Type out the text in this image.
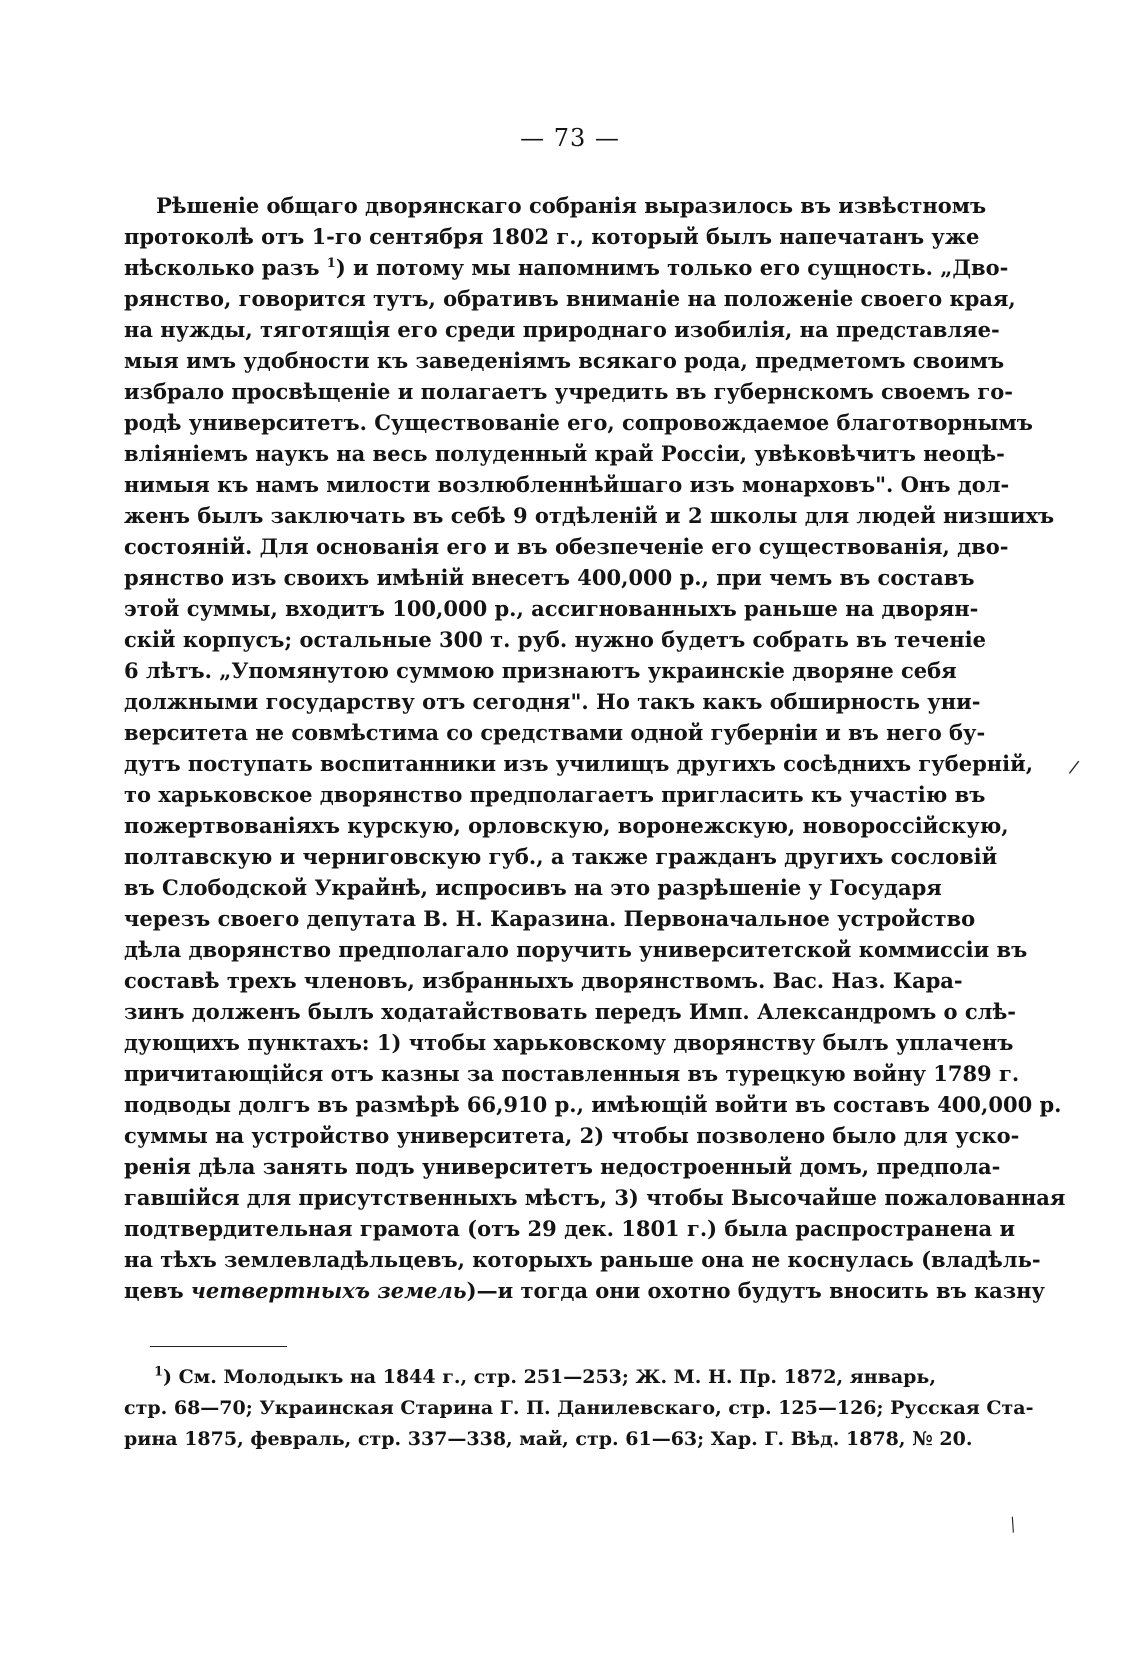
— 73 —
Рѣшеніе общаго дворянскаго собранія выразилось въ извѣстномъ
протоколѣ отъ 1-го сентября 1802 г., который былъ напечатанъ уже
нѣсколько разъ $^1$) и потому мы напомнимъ только его сущность. „Дво-
рянство, говорится тутъ, обративъ вниманіе на положеніе своего края,
на нужды, тяготящія его среди природнаго изобилія, на представляе-
мыя имъ удобности къ заведеніямъ всякаго рода, предметомъ своимъ
избрало просвѣщеніе и полагаетъ учредить въ губернскомъ своемъ го-
родѣ университетъ. Существованіе его, сопровождаемое благотворнымъ
вліяніемъ наукъ на весь полуденный край Россіи, увѣковѣчитъ неоцѣ-
нимыя къ намъ милости возлюбленнѣйшаго изъ монарховъ". Онъ дол-
женъ былъ заключать въ себѣ 9 отдѣленій и 2 школы для людей низшихъ
состояній. Для основанія его и въ обезпеченіе его существованія, дво-
рянство изъ своихъ имѣній внесетъ 400,000 р., при чемъ въ составъ
этой суммы, входитъ 100,000 р., ассигнованныхъ раньше на дворян-
скій корпусъ; остальные 300 т. руб. нужно будетъ собрать въ теченіе
6 лѣтъ. „Упомянутою суммою признаютъ украинскіе дворяне себя
должными государству отъ сегодня". Но такъ какъ обширность уни-
верситета не совмѣстима со средствами одной губерніи и въ него бу-
дутъ поступать воспитанники изъ училищъ другихъ сосѣднихъ губерній,
то харьковское дворянство предполагаетъ пригласить къ участію въ
пожертвованіяхъ курскую, орловскую, воронежскую, новороссійскую,
полтавскую и черниговскую губ., а также гражданъ другихъ сословій
въ Слободской Украйнѣ, испросивъ на это разрѣшеніе у Государя
черезъ своего депутата В. Н. Каразина. Первоначальное устройство
дѣла дворянство предполагало поручить университетской коммиссіи въ
составѣ трехъ членовъ, избранныхъ дворянствомъ. Вас. Наз. Кара-
зинъ долженъ былъ ходатайствовать передъ Имп. Александромъ о слѣ-
дующихъ пунктахъ: 1) чтобы харьковскому дворянству былъ уплаченъ
причитающійся отъ казны за поставленныя въ турецкую войну 1789 г.
подводы долгъ въ размѣрѣ 66,910 р., имѣющій войти въ составъ 400,000 р.
суммы на устройство университета, 2) чтобы позволено было для уско-
ренія дѣла занять подъ университетъ недостроенный домъ, предпола-
гавшійся для присутственныхъ мѣстъ, 3) чтобы Высочайше пожалованная
подтвердительная грамота (отъ 29 дек. 1801 г.) была распространена и
на тѣхъ землевладѣльцевъ, которыхъ раньше она не коснулась (владѣль-
цевъ четвертныхъ земель)—и тогда они охотно будутъ вносить въ казну
$^1$) См. Молодыкъ на 1844 г., стр. 251—253; Ж. М. Н. Пр. 1872, январь,
стр. 68—70; Украинская Старина Г. П. Данилевскаго, стр. 125—126; Русская Ста-
рина 1875, февраль, стр. 337—338, май, стр. 61—63; Хар. Г. Вѣд. 1878, № 20.
/
⁄
